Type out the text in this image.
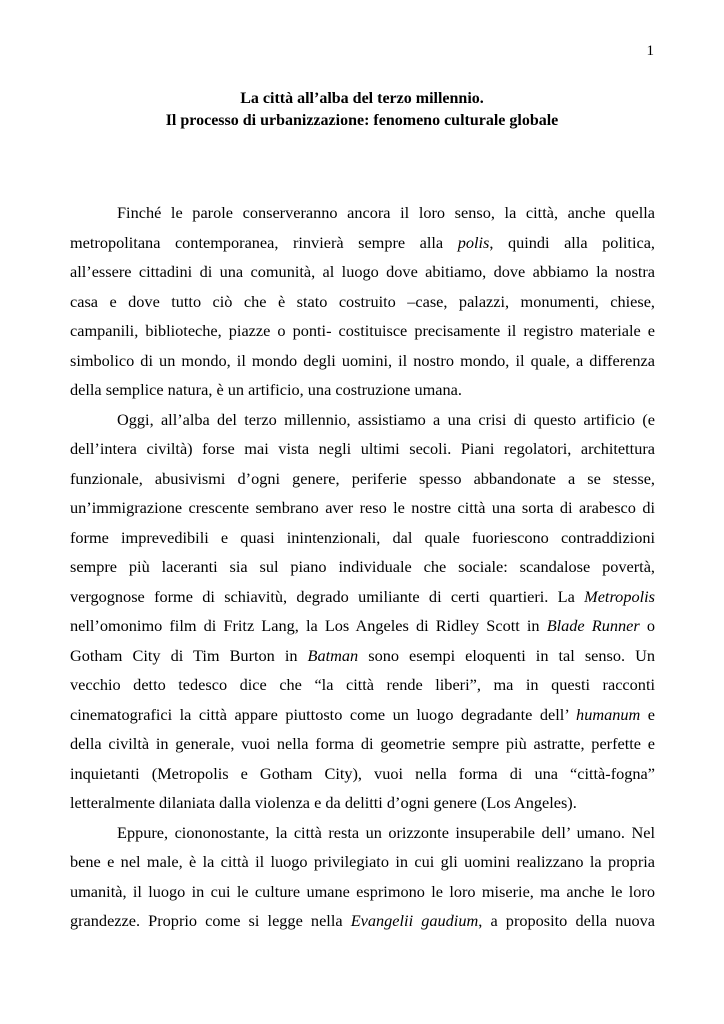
1
La città all’alba del terzo millennio.
Il processo di urbanizzazione: fenomeno culturale globale
Finché le parole conserveranno ancora il loro senso, la città, anche quella
metropolitana contemporanea, rinvierà sempre alla polis, quindi alla politica,
all’essere cittadini di una comunità, al luogo dove abitiamo, dove abbiamo la nostra
casa e dove tutto ciò che è stato costruito –case, palazzi, monumenti, chiese,
campanili, biblioteche, piazze o ponti- costituisce precisamente il registro materiale e
simbolico di un mondo, il mondo degli uomini, il nostro mondo, il quale, a differenza
della semplice natura, è un artificio, una costruzione umana.
Oggi, all’alba del terzo millennio, assistiamo a una crisi di questo artificio (e
dell’intera civiltà) forse mai vista negli ultimi secoli. Piani regolatori, architettura
funzionale, abusivismi d’ogni genere, periferie spesso abbandonate a se stesse,
un’immigrazione crescente sembrano aver reso le nostre città una sorta di arabesco di
forme imprevedibili e quasi inintenzionali, dal quale fuoriescono contraddizioni
sempre più laceranti sia sul piano individuale che sociale: scandalose povertà,
vergognose forme di schiavitù, degrado umiliante di certi quartieri. La Metropolis
nell’omonimo film di Fritz Lang, la Los Angeles di Ridley Scott in Blade Runner o
Gotham City di Tim Burton in Batman sono esempi eloquenti in tal senso. Un
vecchio detto tedesco dice che “la città rende liberi”, ma in questi racconti
cinematografici la città appare piuttosto come un luogo degradante dell’ humanum e
della civiltà in generale, vuoi nella forma di geometrie sempre più astratte, perfette e
inquietanti (Metropolis e Gotham City), vuoi nella forma di una “città-fogna”
letteralmente dilaniata dalla violenza e da delitti d’ogni genere (Los Angeles).
Eppure, ciononostante, la città resta un orizzonte insuperabile dell’ umano. Nel
bene e nel male, è la città il luogo privilegiato in cui gli uomini realizzano la propria
umanità, il luogo in cui le culture umane esprimono le loro miserie, ma anche le loro
grandezze. Proprio come si legge nella Evangelii gaudium, a proposito della nuova
